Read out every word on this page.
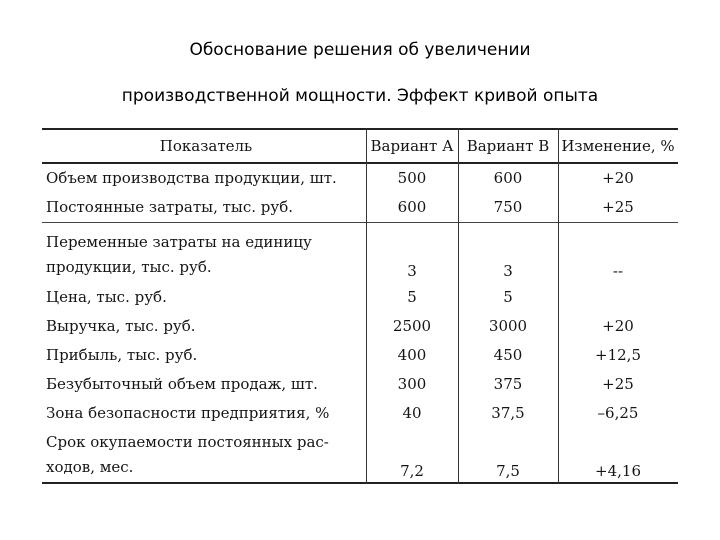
Обоснование решения об увеличении
производственной мощности. Эффект кривой опыта
Показатель	Вариант А	Вариант В	Изменение, %
Объем производства продукции, шт.	500	600	+20
Постоянные затраты, тыс. руб.	600	750	+25

Переменные затраты на единицу
продукции, тыс. руб.	3	3	--
Цена, тыс. руб.	5	5	
Выручка, тыс. руб.	2500	3000	+20
Прибыль, тыс. руб.	400	450	+12,5
Безубыточный объем продаж, шт.	300	375	+25
Зона безопасности предприятия, %	40	37,5	–6,25

Срок окупаемости постоянных рас-
ходов, мес.	7,2	7,5	+4,16
